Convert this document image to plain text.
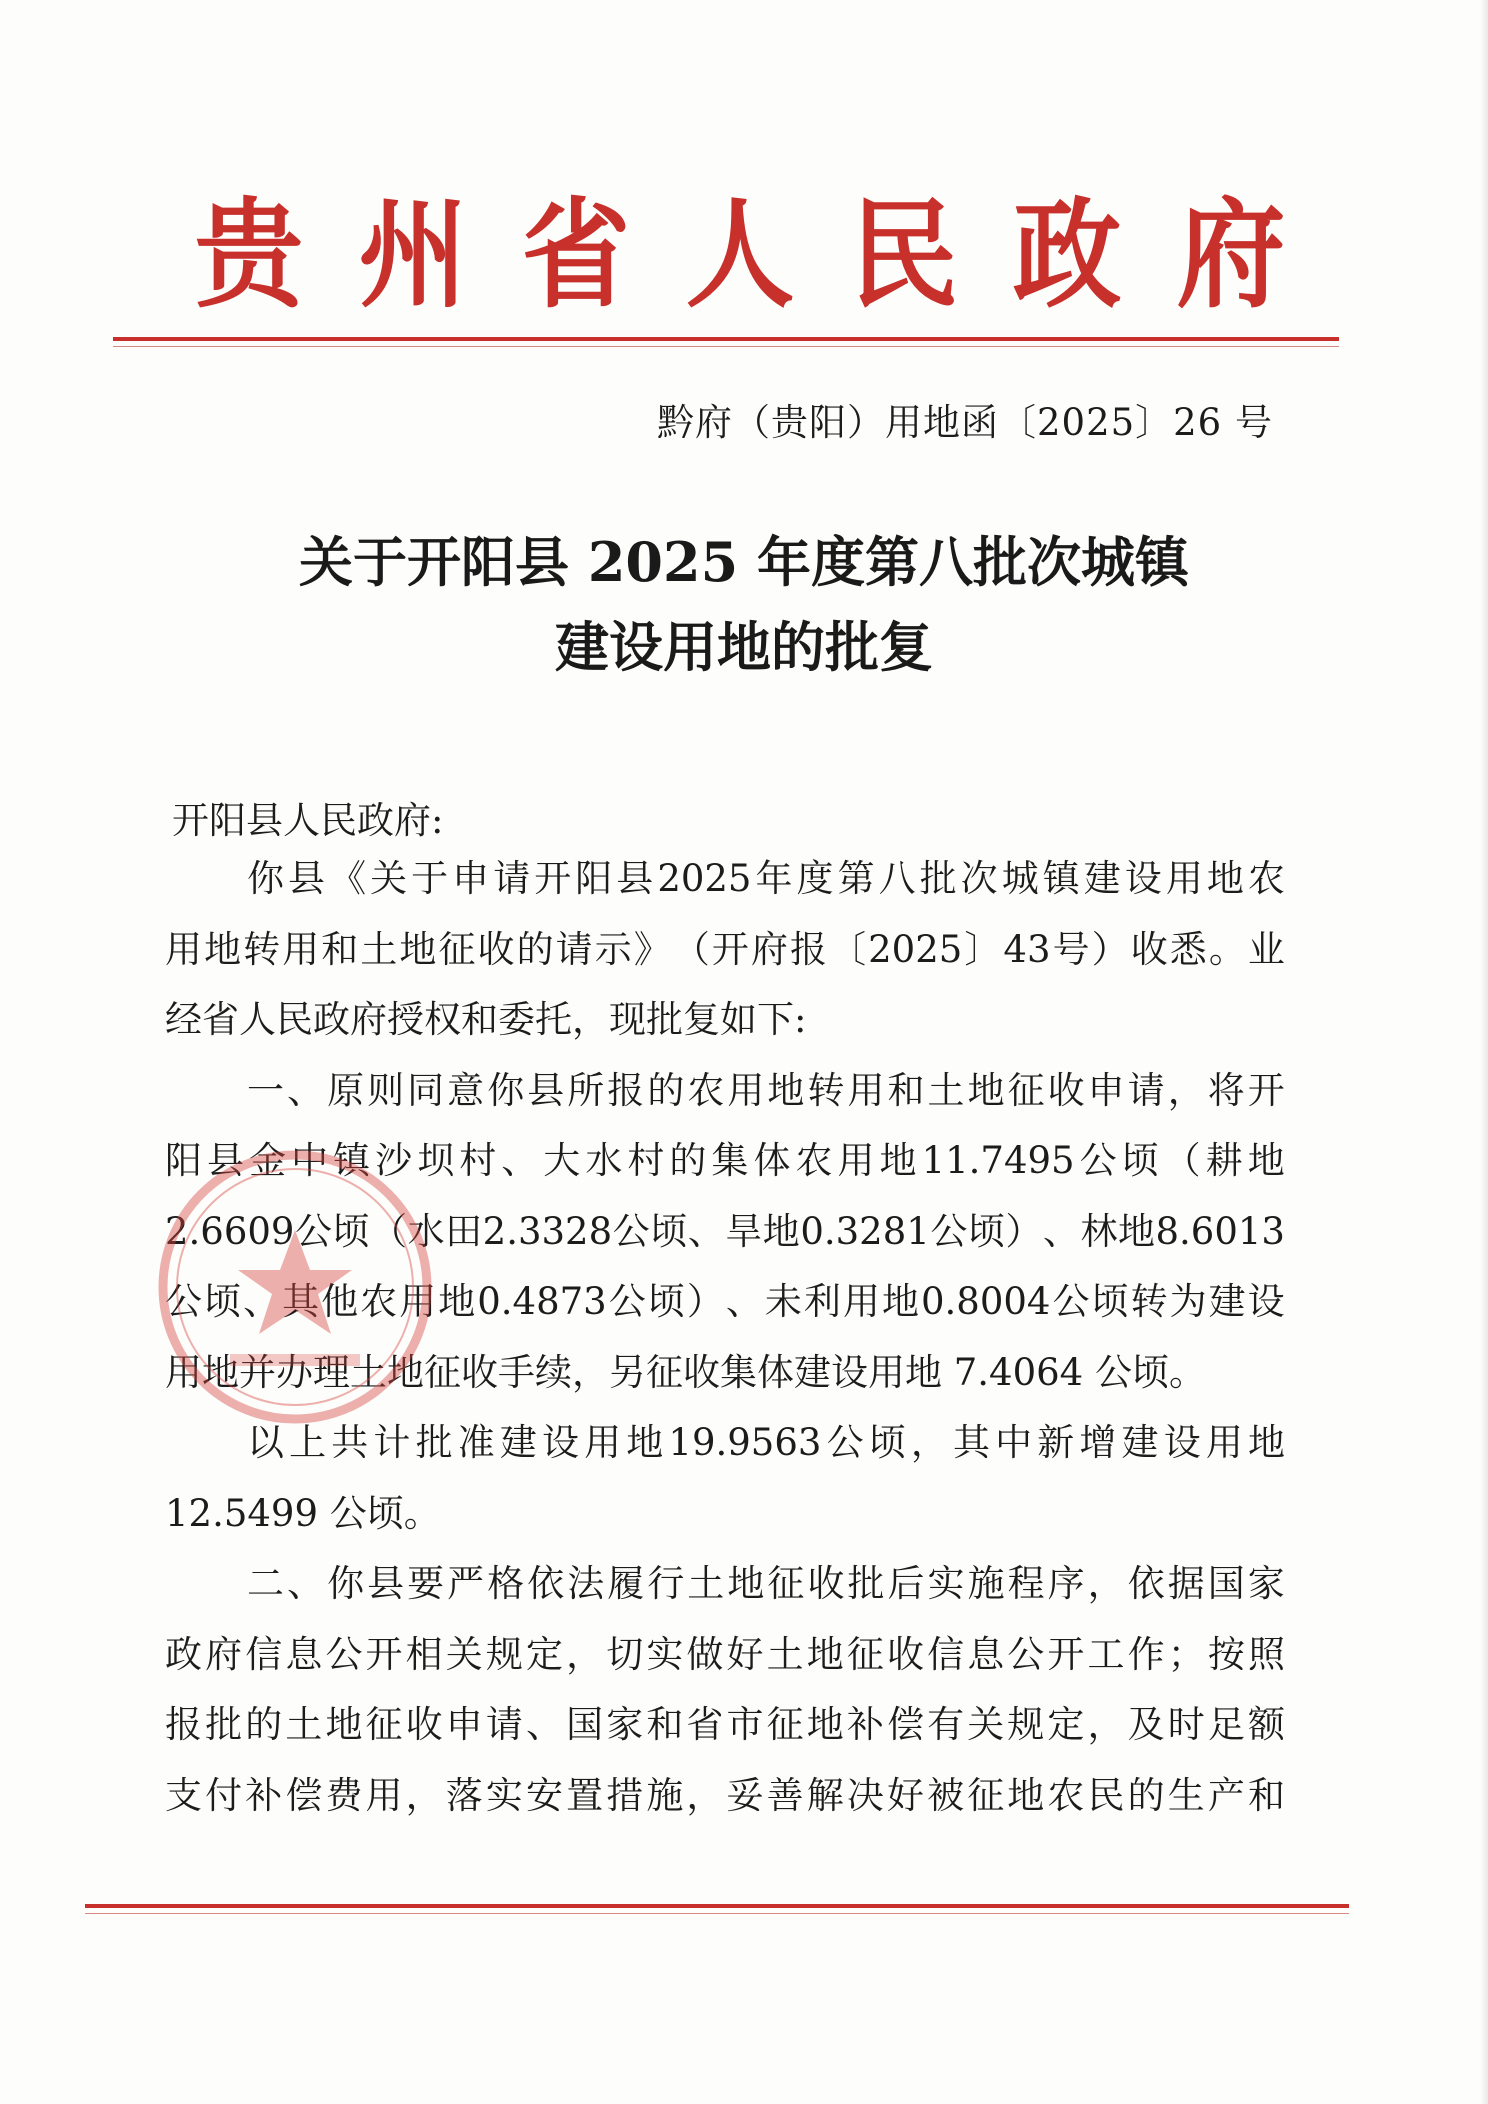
贵 州 省 人 民 政 府
黔府（贵阳）用地函〔2025〕26 号
关于开阳县 2025 年度第八批次城镇
建设用地的批复
开阳县人民政府:
你 县 《 关 于 申 请 开 阳 县 2025 年 度 第 八 批 次 城 镇 建 设 用 地 农
用 地 转 用 和 土 地 征 收 的 请 示 》 （ 开 府 报 〔 2025 〕 43 号 ） 收 悉 。 业
经省人民政府授权和委托，现批复如下:
一 、 原 则 同 意 你 县 所 报 的 农 用 地 转 用 和 土 地 征 收 申 请 ， 将 开
阳 县 金 中 镇 沙 坝 村 、 大 水 村 的 集 体 农 用 地 11.7495 公 顷 （ 耕 地
2.6609 公 顷 （ 水 田 2.3328 公 顷 、 旱 地 0.3281 公 顷 ） 、 林 地 8.6013
公 顷 、 其 他 农 用 地 0.4873 公 顷 ） 、 未 利 用 地 0.8004 公 顷 转 为 建 设
用地并办理土地征收手续，另征收集体建设用地 7.4064 公顷。
以 上 共 计 批 准 建 设 用 地 19.9563 公 顷 ， 其 中 新 增 建 设 用 地
12.5499 公顷。
二 、 你 县 要 严 格 依 法 履 行 土 地 征 收 批 后 实 施 程 序 ， 依 据 国 家
政 府 信 息 公 开 相 关 规 定 ， 切 实 做 好 土 地 征 收 信 息 公 开 工 作 ； 按 照
报 批 的 土 地 征 收 申 请 、 国 家 和 省 市 征 地 补 偿 有 关 规 定 ， 及 时 足 额
支 付 补 偿 费 用 ， 落 实 安 置 措 施 ， 妥 善 解 决 好 被 征 地 农 民 的 生 产 和
